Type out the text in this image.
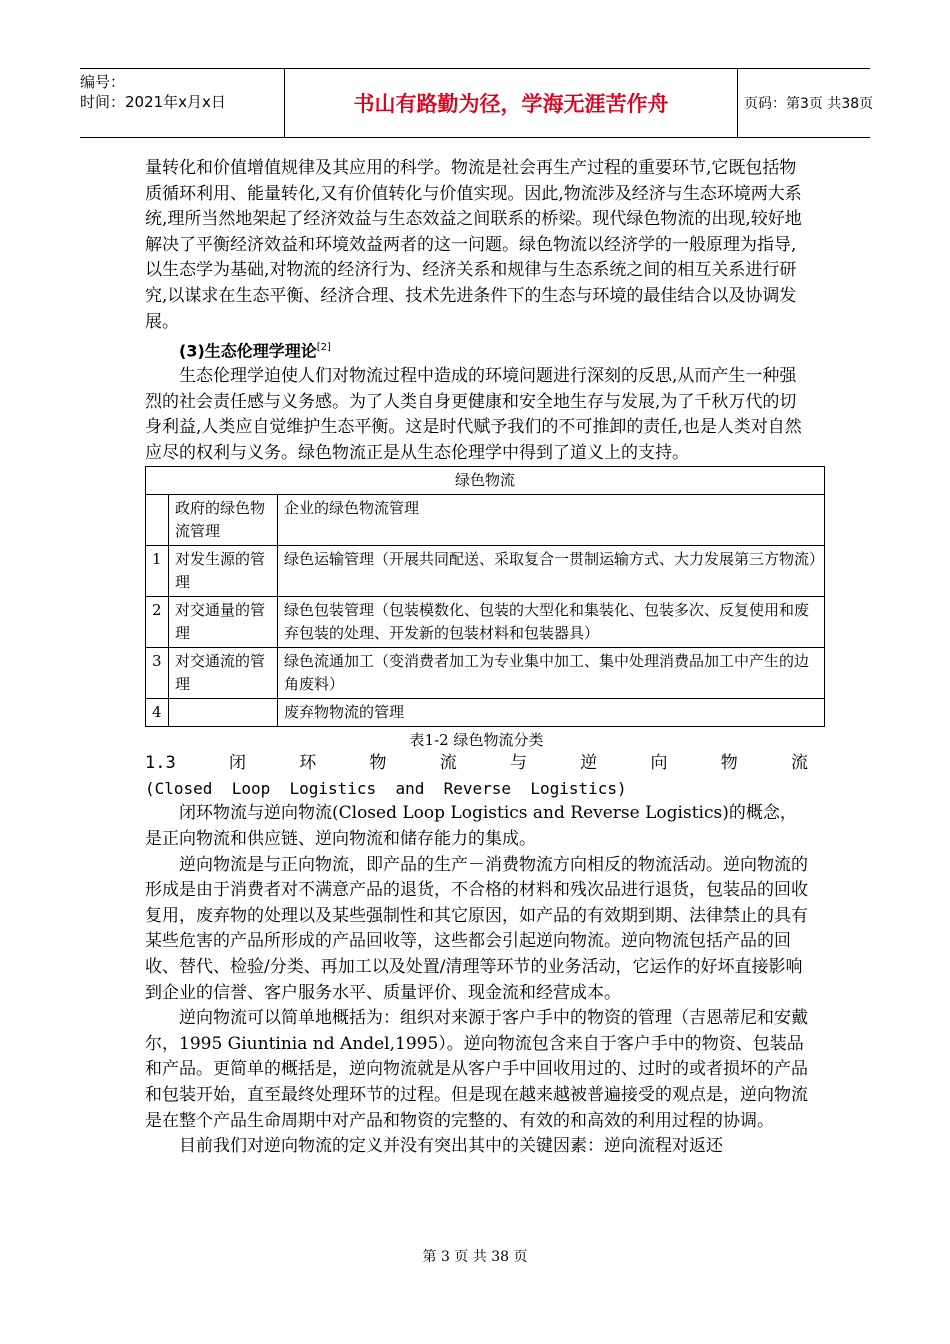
编号：
时间：2021年x月x日	书山有路勤为径，学海无涯苦作舟	页码：第3页 共38页

量转化和价值增值规律及其应用的科学。物流是社会再生产过程的重要环节,它既包括物质循环利用、能量转化,又有价值转化与价值实现。因此,物流涉及经济与生态环境两大系统,理所当然地架起了经济效益与生态效益之间联系的桥梁。现代绿色物流的出现,较好地解决了平衡经济效益和环境效益两者的这一问题。绿色物流以经济学的一般原理为指导,以生态学为基础,对物流的经济行为、经济关系和规律与生态系统之间的相互关系进行研究,以谋求在生态平衡、经济合理、技术先进条件下的生态与环境的最佳结合以及协调发展。

(3)生态伦理学理论[2]

生态伦理学迫使人们对物流过程中造成的环境问题进行深刻的反思,从而产生一种强烈的社会责任感与义务感。为了人类自身更健康和安全地生存与发展,为了千秋万代的切身利益,人类应自觉维护生态平衡。这是时代赋予我们的不可推卸的责任,也是人类对自然应尽的权利与义务。绿色物流正是从生态伦理学中得到了道义上的支持。

绿色物流		
	政府的绿色物流管理	企业的绿色物流管理
1	对发生源的管理	绿色运输管理（开展共同配送、采取复合一贯制运输方式、大力发展第三方物流）
2	对交通量的管理	绿色包装管理（包装模数化、包装的大型化和集装化、包装多次、反复使用和废弃包装的处理、开发新的包装材料和包装器具）
3	对交通流的管理	绿色流通加工（变消费者加工为专业集中加工、集中处理消费品加工中产生的边角废料）
4		废弃物物流的管理
表1-2 绿色物流分类
1.3	闭	环	物	流	与	逆	向	物	流
(Closed  Loop  Logistics  and  Reverse  Logistics)

闭环物流与逆向物流(Closed Loop Logistics and Reverse Logistics)的概念，是正向物流和供应链、逆向物流和储存能力的集成。

逆向物流是与正向物流，即产品的生产－消费物流方向相反的物流活动。逆向物流的形成是由于消费者对不满意产品的退货，不合格的材料和残次品进行退货，包装品的回收复用，废弃物的处理以及某些强制性和其它原因，如产品的有效期到期、法律禁止的具有某些危害的产品所形成的产品回收等，这些都会引起逆向物流。逆向物流包括产品的回收、替代、检验/分类、再加工以及处置/清理等环节的业务活动，它运作的好坏直接影响到企业的信誉、客户服务水平、质量评价、现金流和经营成本。

逆向物流可以简单地概括为：组织对来源于客户手中的物资的管理（吉恩蒂尼和安戴尔，1995 Giuntinia nd Andel,1995）。逆向物流包含来自于客户手中的物资、包装品和产品。更简单的概括是，逆向物流就是从客户手中回收用过的、过时的或者损坏的产品和包装开始，直至最终处理环节的过程。但是现在越来越被普遍接受的观点是，逆向物流是在整个产品生命周期中对产品和物资的完整的、有效的和高效的利用过程的协调。

目前我们对逆向物流的定义并没有突出其中的关键因素：逆向流程对返还

第 3 页 共 38 页
